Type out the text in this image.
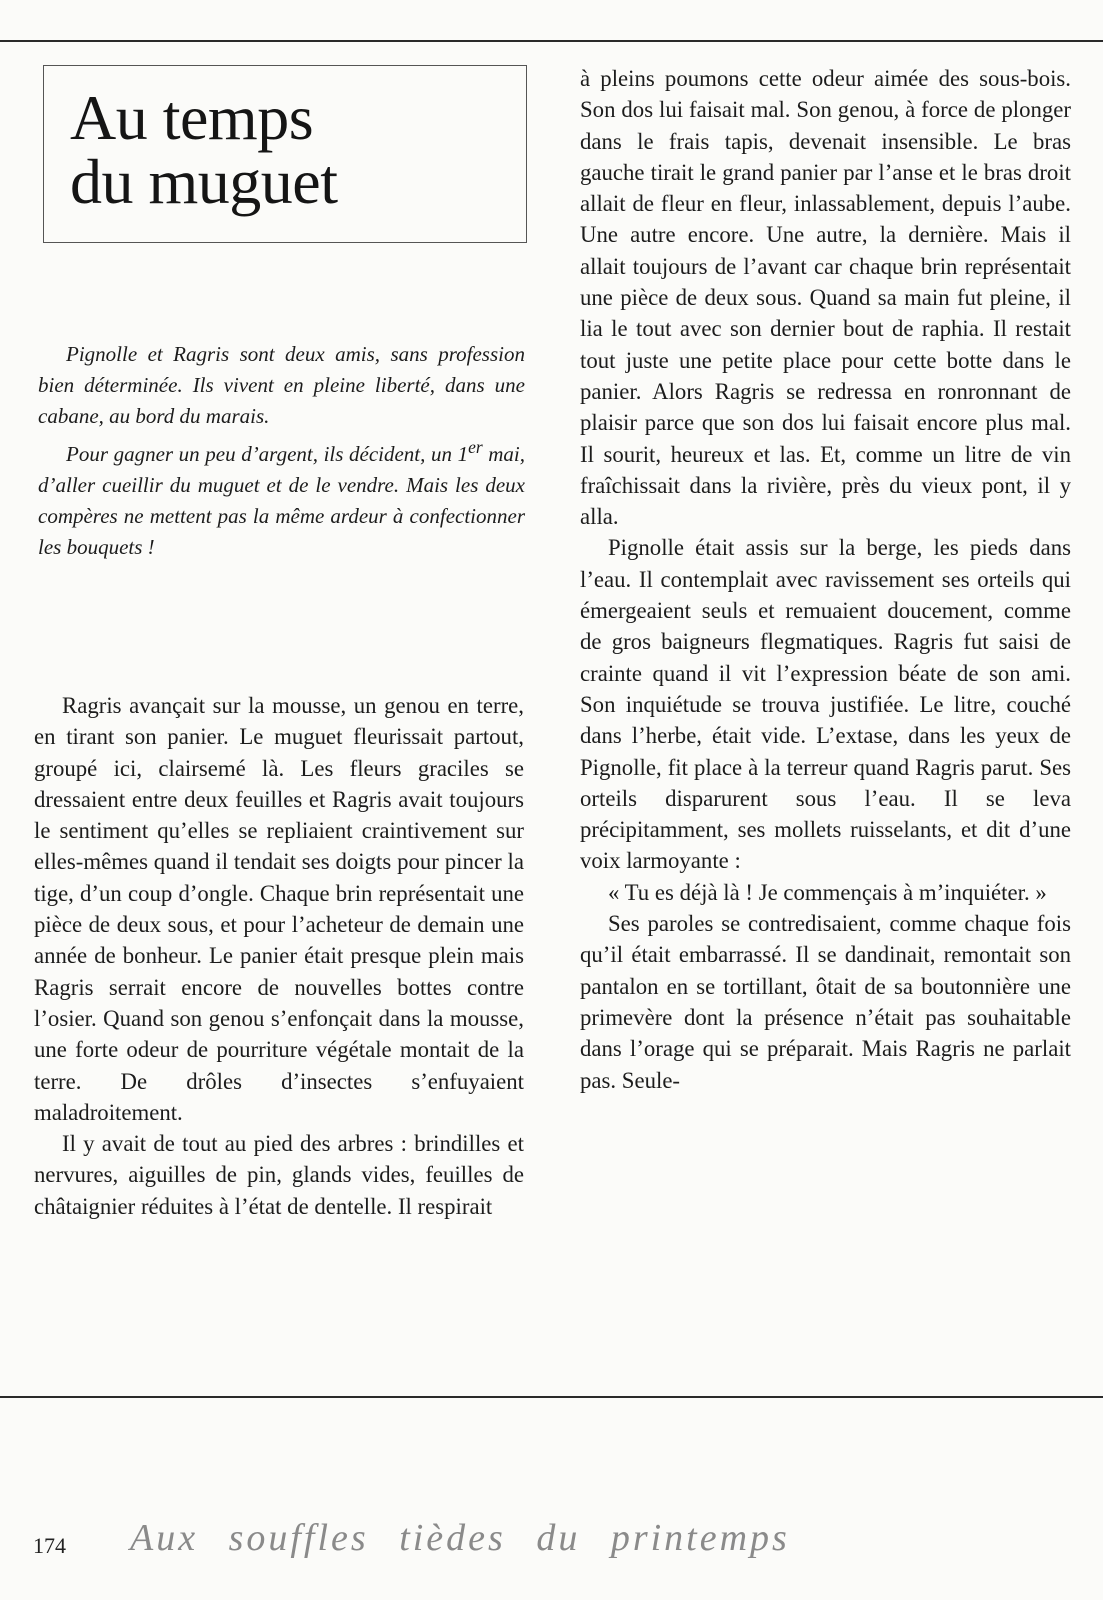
Au temps
du muguet

Pignolle et Ragris sont deux amis, sans profession bien déterminée. Ils vivent en pleine liberté, dans une cabane, au bord du marais.

Pour gagner un peu d’argent, ils décident, un 1er mai, d’aller cueillir du muguet et de le vendre. Mais les deux compères ne mettent pas la même ardeur à confectionner les bouquets !

Ragris avançait sur la mousse, un genou en terre, en tirant son panier. Le muguet fleurissait partout, groupé ici, clairsemé là. Les fleurs graciles se dressaient entre deux feuilles et Ragris avait toujours le sentiment qu’elles se repliaient craintivement sur elles-mêmes quand il tendait ses doigts pour pincer la tige, d’un coup d’ongle. Chaque brin représentait une pièce de deux sous, et pour l’acheteur de demain une année de bonheur. Le panier était presque plein mais Ragris serrait encore de nouvelles bottes contre l’osier. Quand son genou s’enfonçait dans la mousse, une forte odeur de pourriture végétale montait de la terre. De drôles d’insectes s’enfuyaient maladroitement.

Il y avait de tout au pied des arbres : brindilles et nervures, aiguilles de pin, glands vides, feuilles de châtaignier réduites à l’état de dentelle. Il respirait

à pleins poumons cette odeur aimée des sous-bois. Son dos lui faisait mal. Son genou, à force de plonger dans le frais tapis, devenait insensible. Le bras gauche tirait le grand panier par l’anse et le bras droit allait de fleur en fleur, inlassablement, depuis l’aube. Une autre encore. Une autre, la dernière. Mais il allait toujours de l’avant car chaque brin représentait une pièce de deux sous. Quand sa main fut pleine, il lia le tout avec son dernier bout de raphia. Il restait tout juste une petite place pour cette botte dans le panier. Alors Ragris se redressa en ronronnant de plaisir parce que son dos lui faisait encore plus mal. Il sourit, heureux et las. Et, comme un litre de vin fraîchissait dans la rivière, près du vieux pont, il y alla.

Pignolle était assis sur la berge, les pieds dans l’eau. Il contemplait avec ravissement ses orteils qui émergeaient seuls et remuaient doucement, comme de gros baigneurs flegmatiques. Ragris fut saisi de crainte quand il vit l’expression béate de son ami. Son inquiétude se trouva justifiée. Le litre, couché dans l’herbe, était vide. L’extase, dans les yeux de Pignolle, fit place à la terreur quand Ragris parut. Ses orteils disparurent sous l’eau. Il se leva précipitamment, ses mollets ruisselants, et dit d’une voix larmoyante :

« Tu es déjà là ! Je commençais à m’inquiéter. »

Ses paroles se contredisaient, comme chaque fois qu’il était embarrassé. Il se dandinait, remontait son pantalon en se tortillant, ôtait de sa boutonnière une primevère dont la présence n’était pas souhaitable dans l’orage qui se préparait. Mais Ragris ne parlait pas. Seule-

174 Aux souffles tièdes du printemps
